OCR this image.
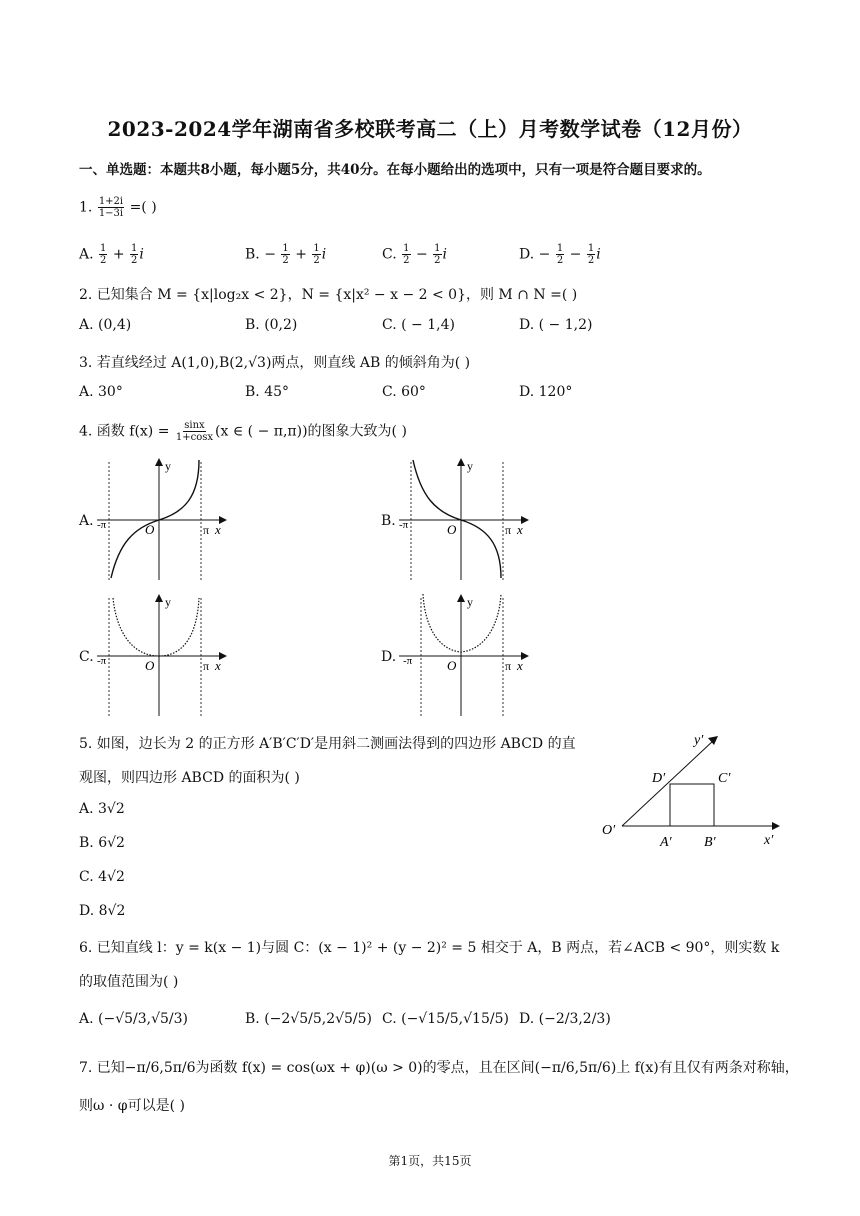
2023-2024学年湖南省多校联考高二（上）月考数学试卷（12月份）
一、单选题：本题共8小题，每小题5分，共40分。在每小题给出的选项中，只有一项是符合题目要求的。
1. $\frac{1+2i}{1-3i}$ =( )
A. $\frac{1}{2} + \frac{1}{2}$ i	B. − $\frac{1}{2} + \frac{1}{2}$ i	C. $\frac{1}{2} - \frac{1}{2}$ i	D. − $\frac{1}{2} - \frac{1}{2}$ i
2. 已知集合 M = {x|log₂x < 2}，N = {x|x² − x − 2 < 0}，则 M ∩ N =( )
A. (0,4)	B. (0,2)	C. ( − 1,4)	D. ( − 1,2)
3. 若直线经过 A(1,0),B(2,√3)两点，则直线 AB 的倾斜角为( )
A. 30°	B. 45°	C. 60°	D. 120°
4. 函数 $f(x) = \frac{\sin x}{1+\cos x} (x$ ∈ ( − π,π))的图象大致为( )
A.	B.
C.	D.
y
x
O
-π	π
y
x
O
-π	π
y
x
O
-π	π
y
x
O
-π	π
5. 如图，边长为 2 的正方形 A′B′C′D′是用斜二测画法得到的四边形 ABCD 的直
观图，则四边形 ABCD 的面积为( )
A. 3√2
B. 6√2
C. 4√2
D. 8√2
y′
x′
O′
A′ B′
C′
D′
6. 已知直线 l：y = k(x − 1)与圆 C：(x − 1)² + (y − 2)² = 5 相交于 A，B 两点，若∠ACB < 90°，则实数 k
的取值范围为( )
A. (−√5/3,√5/3)	B. (−2√5/5,2√5/5) C. (−√15/5,√15/5) D. (−2/3,2/3)
7. 已知−π/6,5π/6为函数 f(x) = cos(ωx + φ)(ω > 0)的零点，且在区间(−π/6,5π/6)上 f(x)有且仅有两条对称轴，
则ω · φ可以是( )
第1页，共15页
